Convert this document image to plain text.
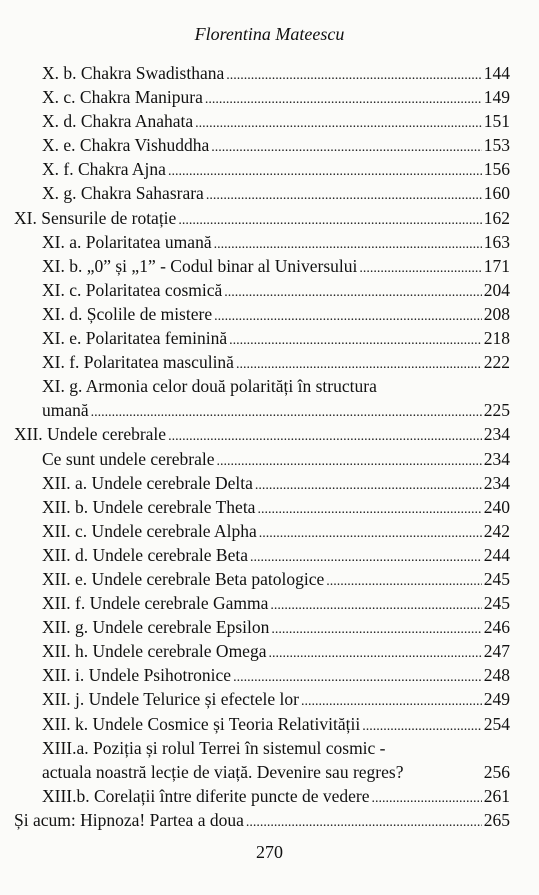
Florentina Mateescu
X. b. Chakra Swadisthana .....	144
X. c. Chakra Manipura .....	149
X. d. Chakra Anahata .....	151
X. e. Chakra Vishuddha .....	153
X. f. Chakra Ajna .....	156
X. g. Chakra Sahasrara .....	160
XI. Sensurile de rotație .....	162
XI. a. Polaritatea umană .....	163
XI. b. „0” și „1” - Codul binar al Universului .....	171
XI. c. Polaritatea cosmică .....	204
XI. d. Școlile de mistere .....	208
XI. e. Polaritatea feminină .....	218
XI. f. Polaritatea masculină .....	222
XI. g. Armonia celor două polarități în structura
umană .....	225
XII. Undele cerebrale .....	234
Ce sunt undele cerebrale .....	234
XII. a. Undele cerebrale Delta .....	234
XII. b. Undele cerebrale Theta .....	240
XII. c. Undele cerebrale Alpha .....	242
XII. d. Undele cerebrale Beta .....	244
XII. e. Undele cerebrale Beta patologice .....	245
XII. f. Undele cerebrale Gamma .....	245
XII. g. Undele cerebrale Epsilon .....	246
XII. h. Undele cerebrale Omega .....	247
XII. i. Undele Psihotronice .....	248
XII. j. Undele Telurice și efectele lor .....	249
XII. k. Undele Cosmice și Teoria Relativității .....	254
XIII.a. Poziția și rolul Terrei în sistemul cosmic -
actuala noastră lecție de viață. Devenire sau regres?	256
XIII.b. Corelații între diferite puncte de vedere .....	261
Și acum: Hipnoza! Partea a doua .....	265
270
